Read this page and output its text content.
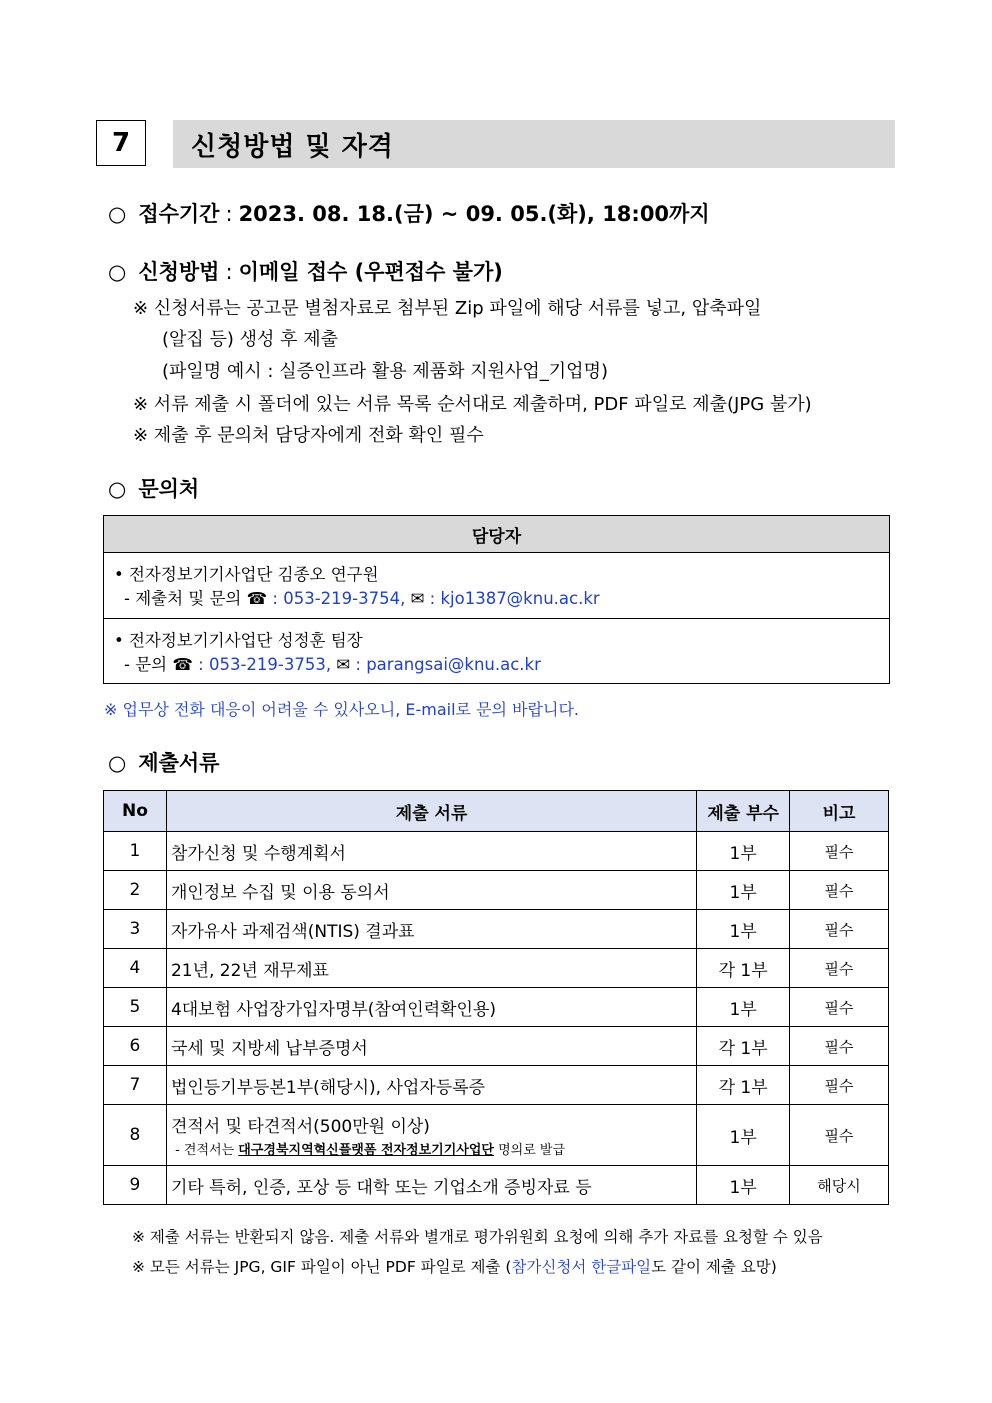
7	신청방법 및 자격
○ 접수기간 : 2023. 08. 18.(금) ~ 09. 05.(화), 18:00까지
○ 신청방법 : 이메일 접수 (우편접수 불가)
※ 신청서류는 공고문 별첨자료로 첨부된 Zip 파일에 해당 서류를 넣고, 압축파일
(알집 등) 생성 후 제출
(파일명 예시 : 실증인프라 활용 제품화 지원사업_기업명)
※ 서류 제출 시 폴더에 있는 서류 목록 순서대로 제출하며, PDF 파일로 제출(JPG 불가)
※ 제출 후 문의처 담당자에게 전화 확인 필수
○ 문의처
담당자
• 전자정보기기사업단 김종오 연구원
- 제출처 및 문의 ☎ : 053-219-3754, ✉ : kjo1387@knu.ac.kr
• 전자정보기기사업단 성정훈 팀장
- 문의 ☎ : 053-219-3753, ✉ : parangsai@knu.ac.kr
※ 업무상 전화 대응이 어려울 수 있사오니, E-mail로 문의 바랍니다.
○ 제출서류
No	제출 서류	제출 부수	비고
1	참가신청 및 수행계획서	1부	필수
2	개인정보 수집 및 이용 동의서	1부	필수
3	자가유사 과제검색(NTIS) 결과표	1부	필수
4	21년, 22년 재무제표	각 1부	필수
5	4대보험 사업장가입자명부(참여인력확인용)	1부	필수
6	국세 및 지방세 납부증명서	각 1부	필수
7	법인등기부등본1부(해당시), 사업자등록증	각 1부	필수
8	견적서 및 타견적서(500만원 이상)
- 견적서는 대구경북지역혁신플랫폼 전자정보기기사업단 명의로 발급	1부	필수
9	기타 특허, 인증, 포상 등 대학 또는 기업소개 증빙자료 등	1부	해당시
※ 제출 서류는 반환되지 않음. 제출 서류와 별개로 평가위원회 요청에 의해 추가 자료를 요청할 수 있음
※ 모든 서류는 JPG, GIF 파일이 아닌 PDF 파일로 제출 (참가신청서 한글파일도 같이 제출 요망)
